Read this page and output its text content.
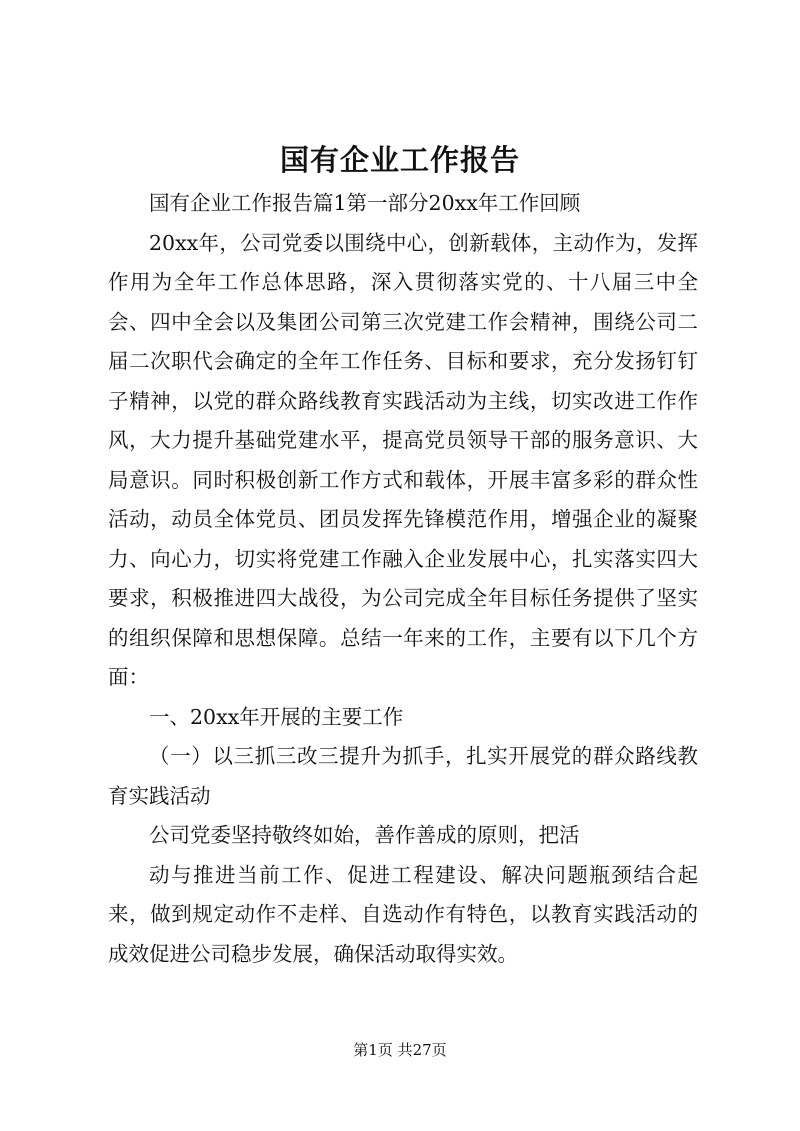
国有企业工作报告

国有企业工作报告篇1第一部分20xx年工作回顾

20xx年，公司党委以围绕中心，创新载体，主动作为，发挥作用为全年工作总体思路，深入贯彻落实党的、十八届三中全会、四中全会以及集团公司第三次党建工作会精神，围绕公司二届二次职代会确定的全年工作任务、目标和要求，充分发扬钉钉子精神，以党的群众路线教育实践活动为主线，切实改进工作作风，大力提升基础党建水平，提高党员领导干部的服务意识、大局意识。同时积极创新工作方式和载体，开展丰富多彩的群众性活动，动员全体党员、团员发挥先锋模范作用，增强企业的凝聚力、向心力，切实将党建工作融入企业发展中心，扎实落实四大要求，积极推进四大战役，为公司完成全年目标任务提供了坚实的组织保障和思想保障。总结一年来的工作，主要有以下几个方面：

一、20xx年开展的主要工作

（一）以三抓三改三提升为抓手，扎实开展党的群众路线教育实践活动

公司党委坚持敬终如始，善作善成的原则，把活

动与推进当前工作、促进工程建设、解决问题瓶颈结合起来，做到规定动作不走样、自选动作有特色，以教育实践活动的成效促进公司稳步发展，确保活动取得实效。

第1页 共27页
